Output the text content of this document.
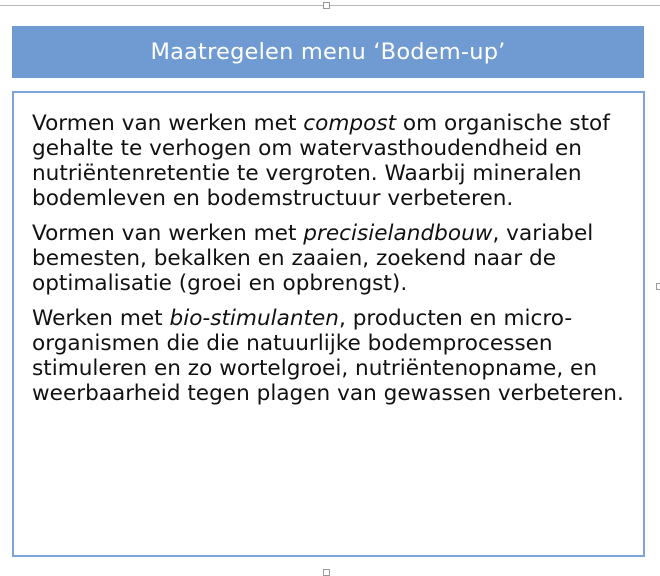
Maatregelen menu ‘Bodem-up’

Vormen van werken met compost om organische stof gehalte te verhogen om watervasthoudendheid en nutriëntenretentie te vergroten. Waarbij mineralen bodemleven en bodemstructuur verbeteren.

Vormen van werken met precisielandbouw, variabel bemesten, bekalken en zaaien, zoekend naar de optimalisatie (groei en opbrengst).

Werken met bio-stimulanten, producten en micro-organismen die die natuurlijke bodemprocessen stimuleren en zo wortelgroei, nutriëntenopname, en weerbaarheid tegen plagen van gewassen verbeteren.
